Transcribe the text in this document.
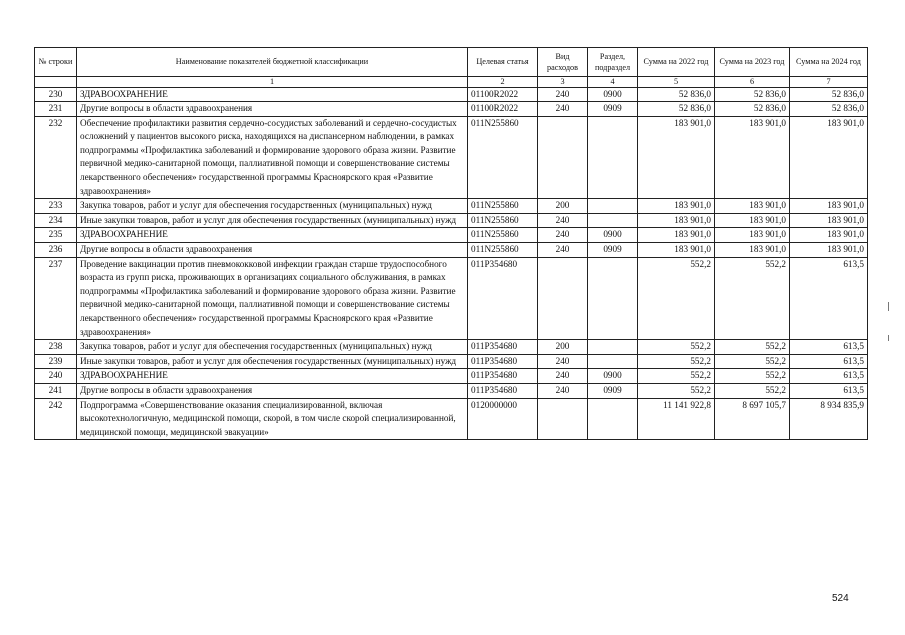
№ строки	Наименование показателей бюджетной классификации	Целевая статья	Вид расходов	Раздел, подраздел	Сумма на 2022 год	Сумма на 2023 год	Сумма на 2024 год
	1	2	3	4	5	6	7
230	ЗДРАВООХРАНЕНИЕ	01100R2022	240	0900	52 836,0	52 836,0	52 836,0
231	Другие вопросы в области здравоохранения	01100R2022	240	0909	52 836,0	52 836,0	52 836,0
232	Обеспечение профилактики развития сердечно-сосудистых заболеваний и сердечно-сосудистых осложнений у пациентов высокого риска, находящихся на диспансерном наблюдении, в рамках подпрограммы «Профилактика заболеваний и формирование здорового образа жизни. Развитие первичной медико-санитарной помощи, паллиативной помощи и совершенствование системы лекарственного обеспечения» государственной программы Красноярского края «Развитие здравоохранения»	011N255860			183 901,0	183 901,0	183 901,0
233	Закупка товаров, работ и услуг для обеспечения государственных (муниципальных) нужд	011N255860	200		183 901,0	183 901,0	183 901,0
234	Иные закупки товаров, работ и услуг для обеспечения государственных (муниципальных) нужд	011N255860	240		183 901,0	183 901,0	183 901,0
235	ЗДРАВООХРАНЕНИЕ	011N255860	240	0900	183 901,0	183 901,0	183 901,0
236	Другие вопросы в области здравоохранения	011N255860	240	0909	183 901,0	183 901,0	183 901,0
237	Проведение вакцинации против пневмококковой инфекции граждан старше трудоспособного возраста из групп риска, проживающих в организациях социального обслуживания, в рамках подпрограммы «Профилактика заболеваний и формирование здорового образа жизни. Развитие первичной медико-санитарной помощи, паллиативной помощи и совершенствование системы лекарственного обеспечения» государственной программы Красноярского края «Развитие здравоохранения»	011P354680			552,2	552,2	613,5
238	Закупка товаров, работ и услуг для обеспечения государственных (муниципальных) нужд	011P354680	200		552,2	552,2	613,5
239	Иные закупки товаров, работ и услуг для обеспечения государственных (муниципальных) нужд	011P354680	240		552,2	552,2	613,5
240	ЗДРАВООХРАНЕНИЕ	011P354680	240	0900	552,2	552,2	613,5
241	Другие вопросы в области здравоохранения	011P354680	240	0909	552,2	552,2	613,5
242	Подпрограмма «Совершенствование оказания специализированной, включая высокотехнологичную, медицинской помощи, скорой, в том числе скорой специализированной, медицинской помощи, медицинской эвакуации»	0120000000			11 141 922,8	8 697 105,7	8 934 835,9
524
